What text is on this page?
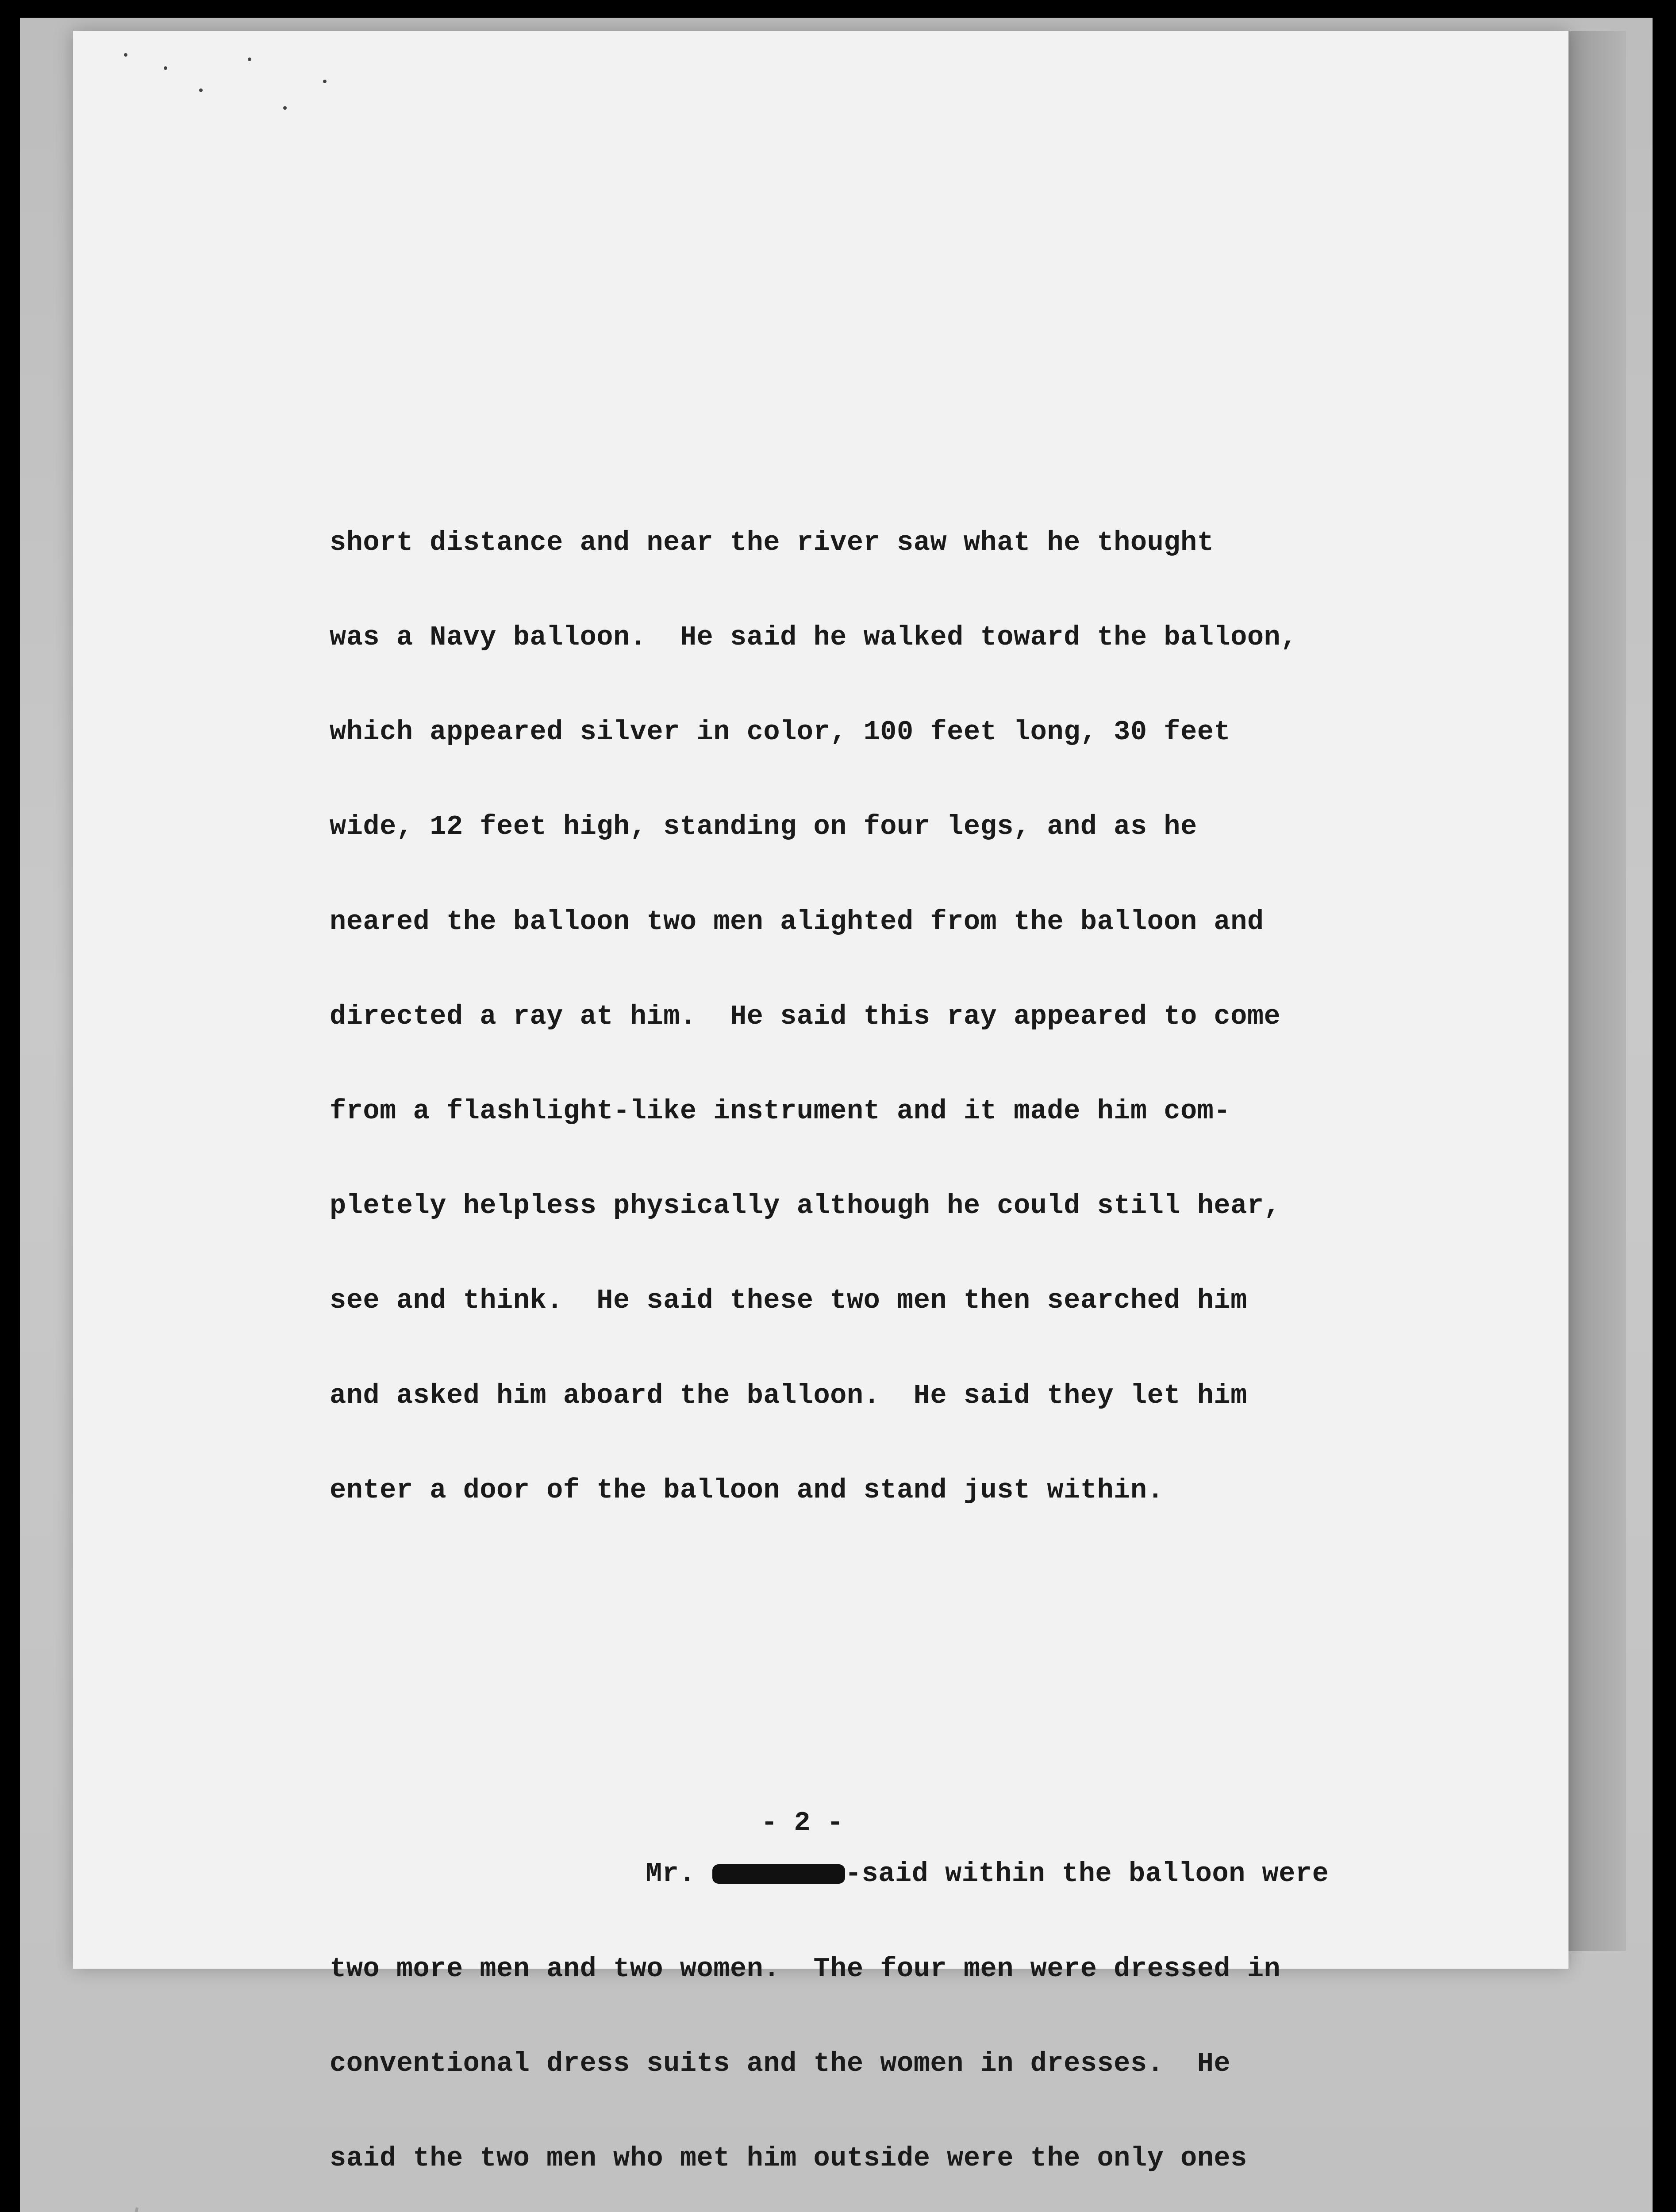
short distance and near the river saw what he thought

was a Navy balloon.  He said he walked toward the balloon,

which appeared silver in color, 100 feet long, 30 feet

wide, 12 feet high, standing on four legs, and as he

neared the balloon two men alighted from the balloon and

directed a ray at him.  He said this ray appeared to come

from a flashlight-like instrument and it made him com-

pletely helpless physically although he could still hear,

see and think.  He said these two men then searched him

and asked him aboard the balloon.  He said they let him

enter a door of the balloon and stand just within.

Mr.	-said within the balloon were

two more men and two women.  The four men were dressed in

conventional dress suits and the women in dresses.  He

said the two men who met him outside were the only ones

- 2 -
